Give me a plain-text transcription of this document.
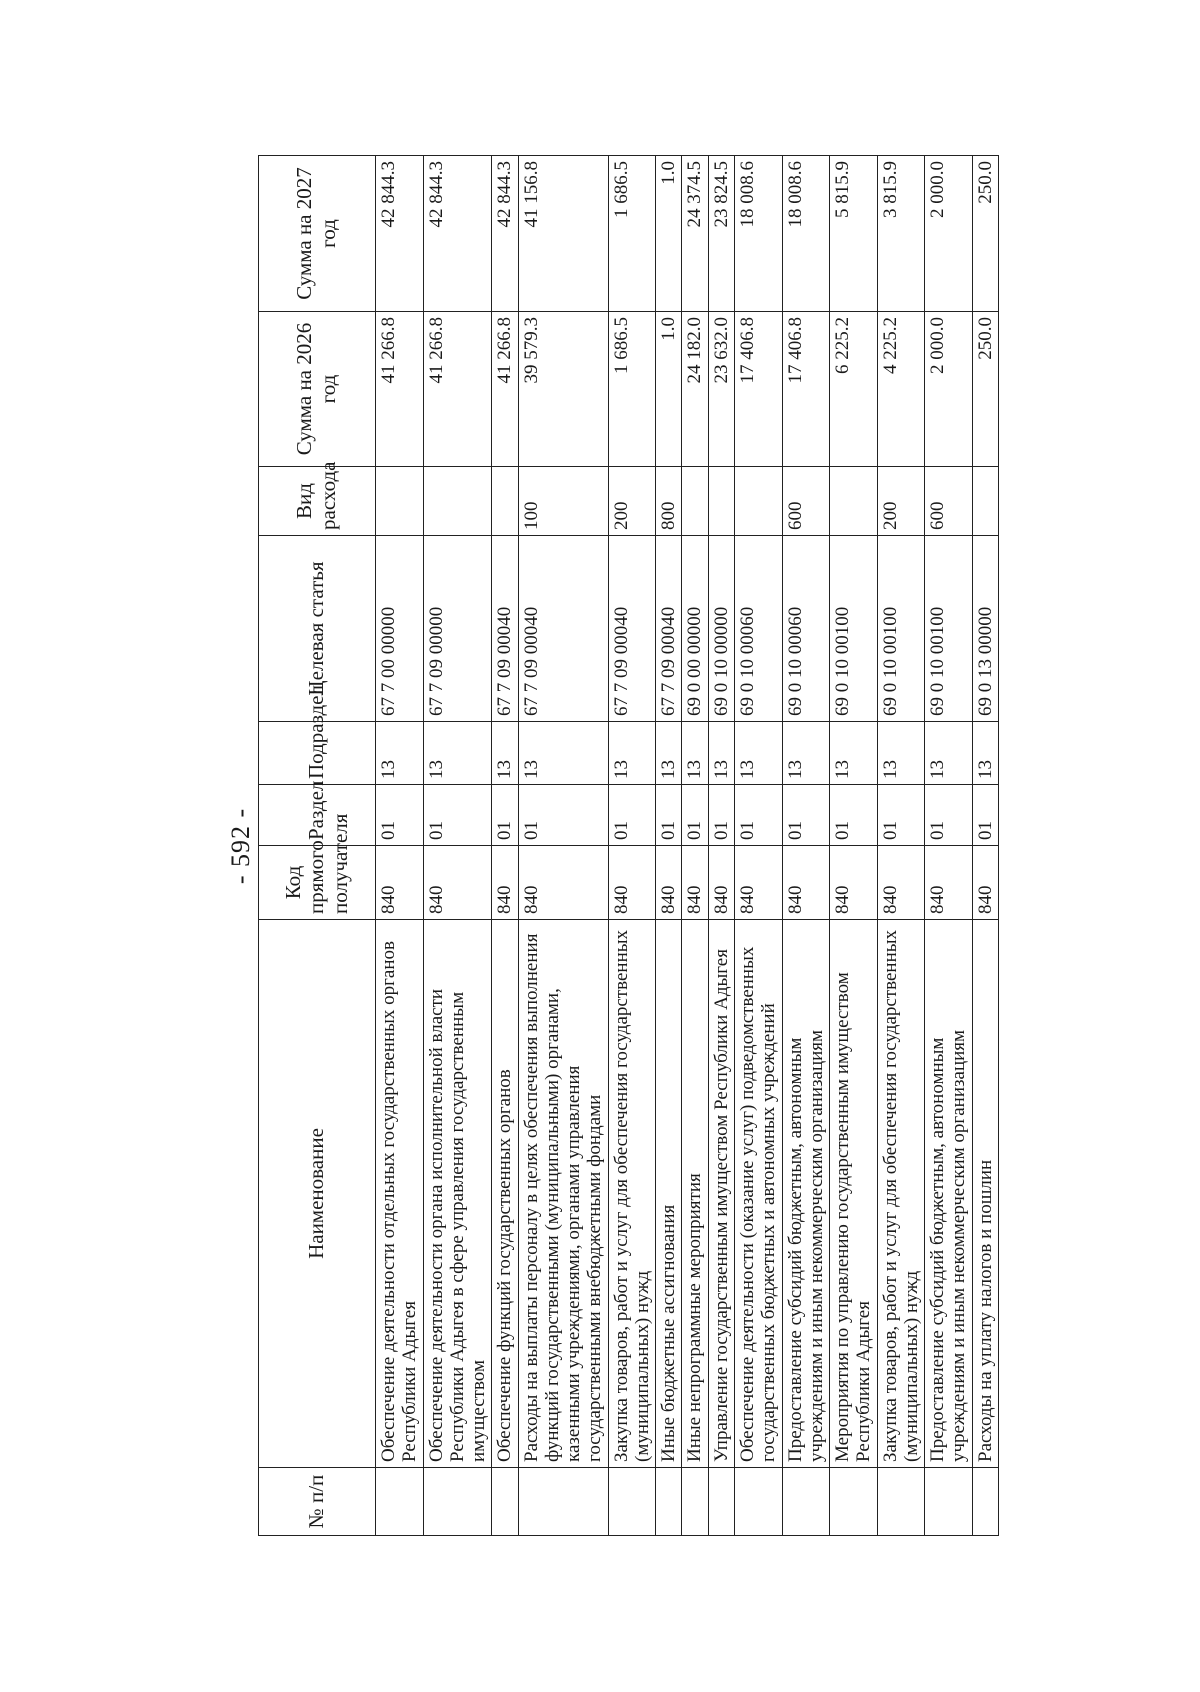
- 592 -
№ п/п	Наименование	Код прямого получателя	Раздел	Подраздел	Целевая статья	Вид расхода	Сумма на 2026 год	Сумма на 2027 год
	Обеспечение деятельности отдельных государственных органов Республики Адыгея	840	01	13	67 7 00 00000		41 266.8	42 844.3
	Обеспечение деятельности органа исполнительной власти Республики Адыгея в сфере управления государственным имуществом	840	01	13	67 7 09 00000		41 266.8	42 844.3
	Обеспечение функций государственных органов	840	01	13	67 7 09 00040		41 266.8	42 844.3
	Расходы на выплаты персоналу в целях обеспечения выполнения функций государственными (муниципальными) органами, казенными учреждениями, органами управления государственными внебюджетными фондами	840	01	13	67 7 09 00040	100	39 579.3	41 156.8
	Закупка товаров, работ и услуг для обеспечения государственных (муниципальных) нужд	840	01	13	67 7 09 00040	200	1 686.5	1 686.5
	Иные бюджетные ассигнования	840	01	13	67 7 09 00040	800	1.0	1.0
	Иные непрограммные мероприятия	840	01	13	69 0 00 00000		24 182.0	24 374.5
	Управление государственным имуществом Республики Адыгея	840	01	13	69 0 10 00000		23 632.0	23 824.5
	Обеспечение деятельности (оказание услуг) подведомственных государственных бюджетных и автономных учреждений	840	01	13	69 0 10 00060		17 406.8	18 008.6
	Предоставление субсидий бюджетным, автономным учреждениям и иным некоммерческим организациям	840	01	13	69 0 10 00060	600	17 406.8	18 008.6
	Мероприятия по управлению государственным имуществом Республики Адыгея	840	01	13	69 0 10 00100		6 225.2	5 815.9
	Закупка товаров, работ и услуг для обеспечения государственных (муниципальных) нужд	840	01	13	69 0 10 00100	200	4 225.2	3 815.9
	Предоставление субсидий бюджетным, автономным учреждениям и иным некоммерческим организациям	840	01	13	69 0 10 00100	600	2 000.0	2 000.0
	Расходы на уплату налогов и пошлин	840	01	13	69 0 13 00000		250.0	250.0
